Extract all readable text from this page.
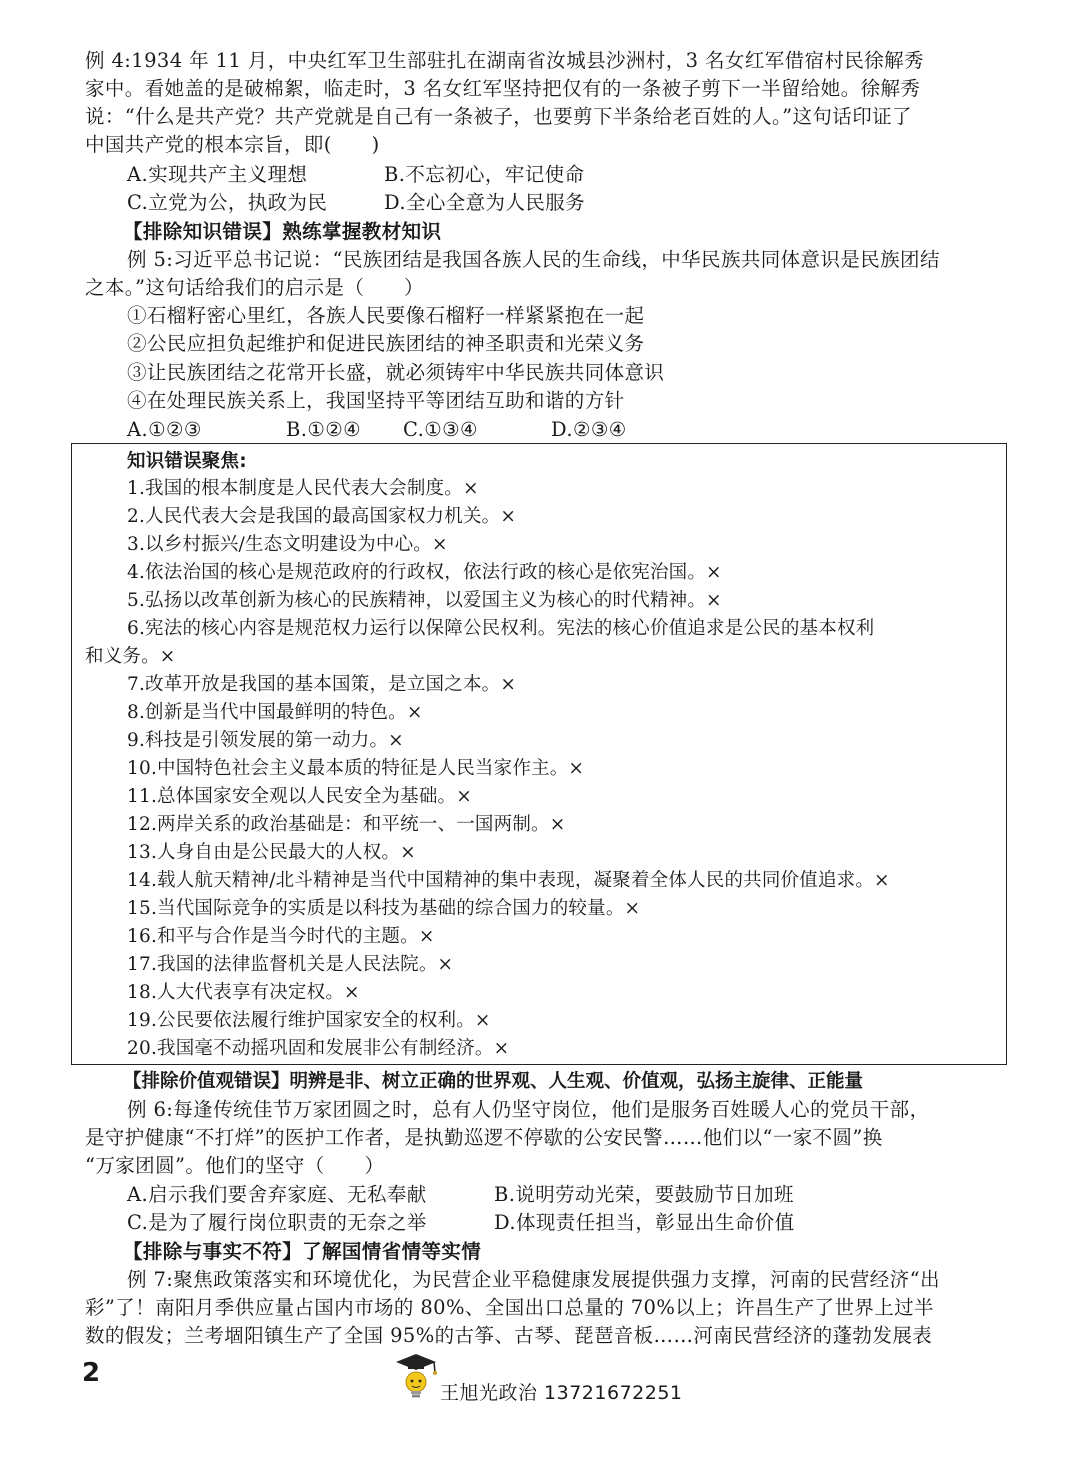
例 4:1934 年 11 月，中央红军卫生部驻扎在湖南省汝城县沙洲村，3 名女红军借宿村民徐解秀
家中。看她盖的是破棉絮，临走时，3 名女红军坚持把仅有的一条被子剪下一半留给她。徐解秀
说：“什么是共产党？共产党就是自己有一条被子，也要剪下半条给老百姓的人。”这句话印证了
中国共产党的根本宗旨，即(　　)
A.实现共产主义理想	B.不忘初心，牢记使命
C.立党为公，执政为民	D.全心全意为人民服务
【排除知识错误】熟练掌握教材知识
例 5:习近平总书记说：“民族团结是我国各族人民的生命线，中华民族共同体意识是民族团结
之本。”这句话给我们的启示是（　　）
①石榴籽密心里红，各族人民要像石榴籽一样紧紧抱在一起
②公民应担负起维护和促进民族团结的神圣职责和光荣义务
③让民族团结之花常开长盛，就必须铸牢中华民族共同体意识
④在处理民族关系上，我国坚持平等团结互助和谐的方针
A.①②③	B.①②④ C.①③④	D.②③④
知识错误聚焦:
1.我国的根本制度是人民代表大会制度。×
2.人民代表大会是我国的最高国家权力机关。×
3.以乡村振兴/生态文明建设为中心。×
4.依法治国的核心是规范政府的行政权，依法行政的核心是依宪治国。×
5.弘扬以改革创新为核心的民族精神，以爱国主义为核心的时代精神。×
6.宪法的核心内容是规范权力运行以保障公民权利。宪法的核心价值追求是公民的基本权利
和义务。×
7.改革开放是我国的基本国策，是立国之本。×
8.创新是当代中国最鲜明的特色。×
9.科技是引领发展的第一动力。×
10.中国特色社会主义最本质的特征是人民当家作主。×
11.总体国家安全观以人民安全为基础。×
12.两岸关系的政治基础是：和平统一、一国两制。×
13.人身自由是公民最大的人权。×
14.载人航天精神/北斗精神是当代中国精神的集中表现，凝聚着全体人民的共同价值追求。×
15.当代国际竞争的实质是以科技为基础的综合国力的较量。×
16.和平与合作是当今时代的主题。×
17.我国的法律监督机关是人民法院。×
18.人大代表享有决定权。×
19.公民要依法履行维护国家安全的权利。×
20.我国毫不动摇巩固和发展非公有制经济。×
【排除价值观错误】明辨是非、树立正确的世界观、人生观、价值观，弘扬主旋律、正能量
例 6:每逢传统佳节万家团圆之时，总有人仍坚守岗位，他们是服务百姓暖人心的党员干部，
是守护健康“不打烊”的医护工作者，是执勤巡逻不停歇的公安民警……他们以“一家不圆”换
“万家团圆”。他们的坚守（　　）
A.启示我们要舍弃家庭、无私奉献	B.说明劳动光荣，要鼓励节日加班
C.是为了履行岗位职责的无奈之举	D.体现责任担当，彰显出生命价值
【排除与事实不符】了解国情省情等实情
例 7:聚焦政策落实和环境优化，为民营企业平稳健康发展提供强力支撑，河南的民营经济“出
彩”了！南阳月季供应量占国内市场的 80%、全国出口总量的 70%以上；许昌生产了世界上过半
数的假发；兰考堌阳镇生产了全国 95%的古筝、古琴、琵琶音板……河南民营经济的蓬勃发展表
2
王旭光政治 13721672251
